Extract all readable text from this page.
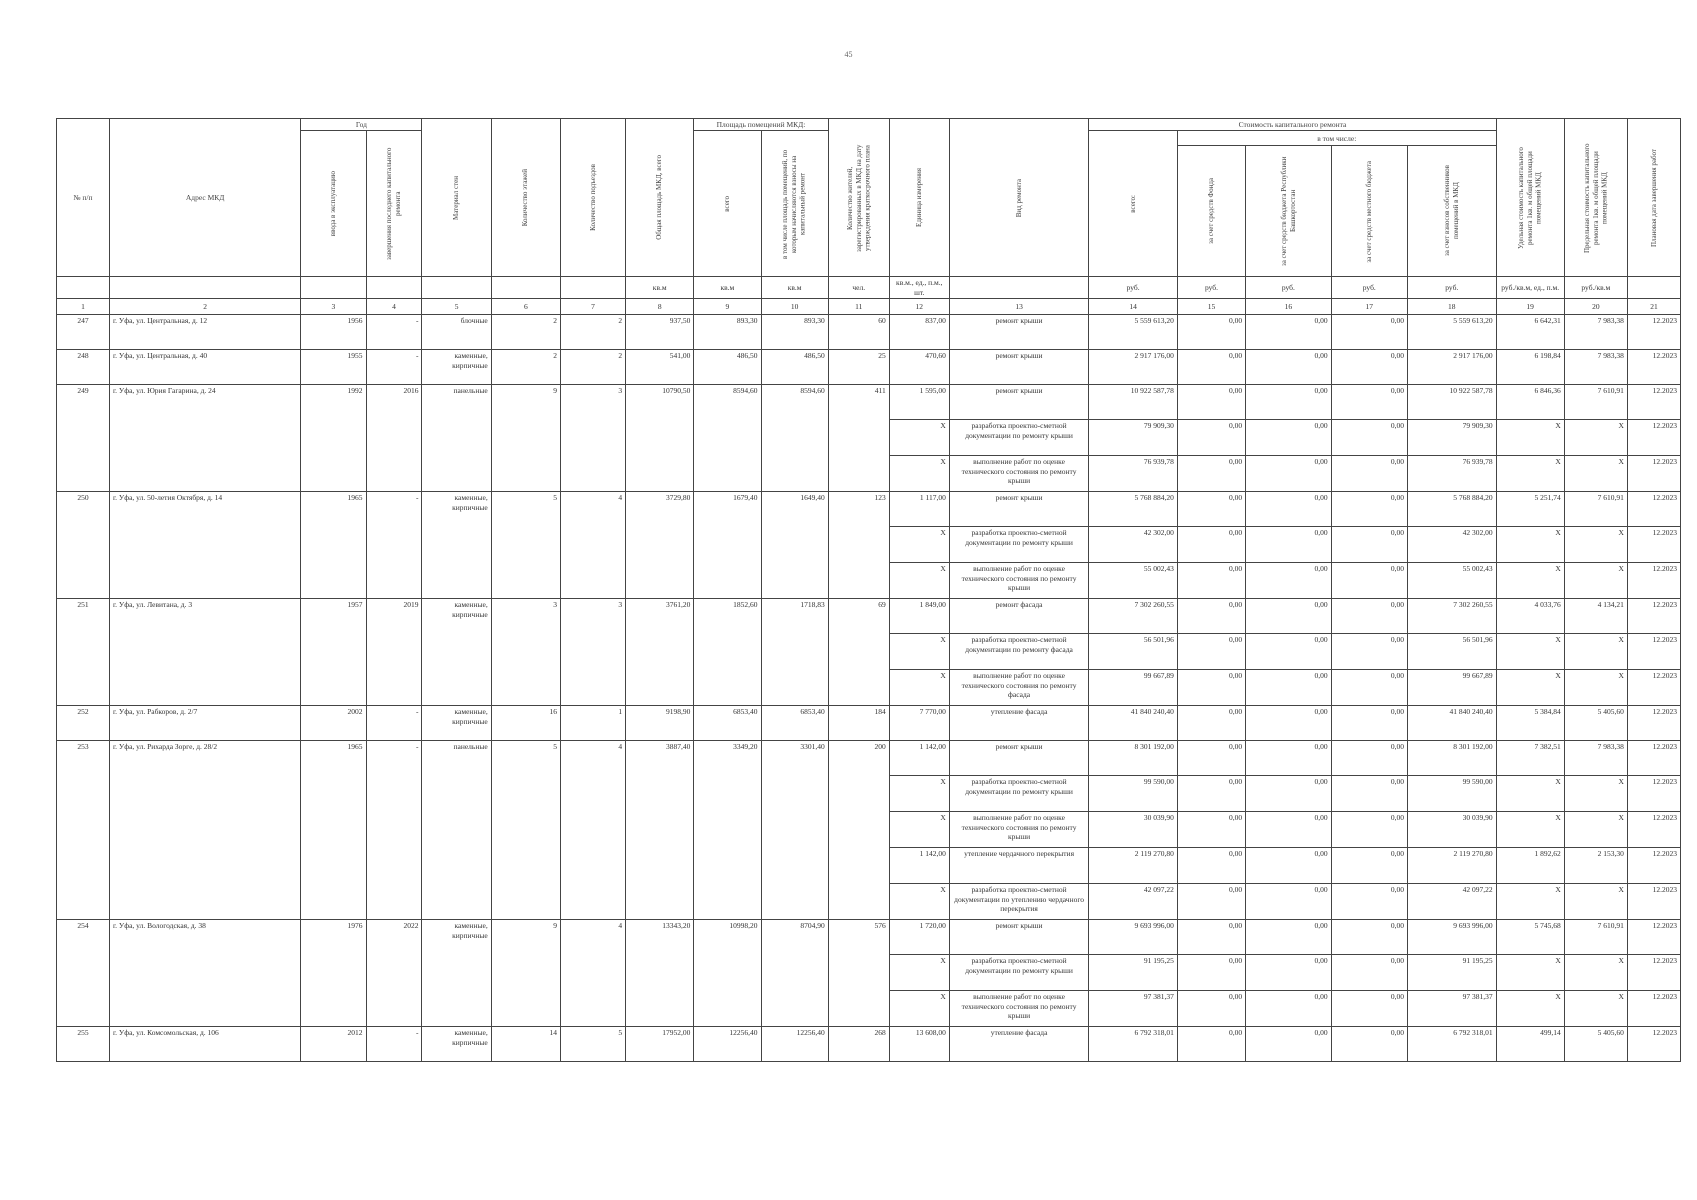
45
№ п/п	Адрес МКД	Год		Материал стен	Количество этажей	Количество подъездов	Общая площадь МКД, всего	Площадь помещений МКД:		Количество жителей, зарегистрированных в МКД на дату утверждения краткосрочного плана	Единица измерения	Вид ремонта	Стоимость капитального ремонта					Удельная стоимость капитального ремонта 1кв. м общей площади помещений МКД	Предельная стоимость капитального ремонта 1кв. м общей площади помещений МКД	Плановая дата завершения работ

		ввода в эксплуатацию	завершения последнего капитального ремонта					всего	в том числе площадь помещений, по которым начисляются взносы на капитальный ремонт				всего:	в том числе:						

														за счет средств Фонда	за счет средств бюджета Республики Башкортостан	за счет средств местного бюджета	за счет взносов собственников помещений в МКД			

							кв.м	кв.м	кв.м	чел.	кв.м., ед., п.м., шт.		руб.	руб.	руб.	руб.	руб.	руб./кв.м, ед., п.м.	руб./кв.м	
1	2	3	4	5	6	7	8	9	10	11	12	13	14	15	16	17	18	19	20	21
247	г. Уфа, ул. Центральная, д. 12	1956	-	блочные	2	2	937,50	893,30	893,30	60	837,00	ремонт крыши	5 559 613,20	0,00	0,00	0,00	5 559 613,20	6 642,31	7 983,38	12.2023
248	г. Уфа, ул. Центральная, д. 40	1955	-	каменные, кирпичные	2	2	541,00	486,50	486,50	25	470,60	ремонт крыши	2 917 176,00	0,00	0,00	0,00	2 917 176,00	6 198,84	7 983,38	12.2023
249	г. Уфа, ул. Юрия Гагарина, д. 24	1992	2016	панельные	9	3	10790,50	8594,60	8594,60	411	1 595,00	ремонт крыши	10 922 587,78	0,00	0,00	0,00	10 922 587,78	6 846,36	7 610,91	12.2023
											X	разработка проектно-сметной документации по ремонту крыши	79 909,30	0,00	0,00	0,00	79 909,30	X	X	12.2023
											X	выполнение работ по оценке технического состояния по ремонту крыши	76 939,78	0,00	0,00	0,00	76 939,78	X	X	12.2023
250	г. Уфа, ул. 50-летия Октября, д. 14	1965	-	каменные, кирпичные	5	4	3729,80	1679,40	1649,40	123	1 117,00	ремонт крыши	5 768 884,20	0,00	0,00	0,00	5 768 884,20	5 251,74	7 610,91	12.2023
											X	разработка проектно-сметной документации по ремонту крыши	42 302,00	0,00	0,00	0,00	42 302,00	X	X	12.2023
											X	выполнение работ по оценке технического состояния по ремонту крыши	55 002,43	0,00	0,00	0,00	55 002,43	X	X	12.2023
251	г. Уфа, ул. Левитана, д. 3	1957	2019	каменные, кирпичные	3	3	3761,20	1852,60	1718,83	69	1 849,00	ремонт фасада	7 302 260,55	0,00	0,00	0,00	7 302 260,55	4 033,76	4 134,21	12.2023
											X	разработка проектно-сметной документации по ремонту фасада	56 501,96	0,00	0,00	0,00	56 501,96	X	X	12.2023
											X	выполнение работ по оценке технического состояния по ремонту фасада	99 667,89	0,00	0,00	0,00	99 667,89	X	X	12.2023
252	г. Уфа, ул. Рабкоров, д. 2/7	2002	-	каменные, кирпичные	16	1	9198,90	6853,40	6853,40	184	7 770,00	утепление фасада	41 840 240,40	0,00	0,00	0,00	41 840 240,40	5 384,84	5 405,60	12.2023
253	г. Уфа, ул. Рихарда Зорге, д. 28/2	1965	-	панельные	5	4	3887,40	3349,20	3301,40	200	1 142,00	ремонт крыши	8 301 192,00	0,00	0,00	0,00	8 301 192,00	7 382,51	7 983,38	12.2023
											X	разработка проектно-сметной документации по ремонту крыши	99 590,00	0,00	0,00	0,00	99 590,00	X	X	12.2023
											X	выполнение работ по оценке технического состояния по ремонту крыши	30 039,90	0,00	0,00	0,00	30 039,90	X	X	12.2023
											1 142,00	утепление чердачного перекрытия	2 119 270,80	0,00	0,00	0,00	2 119 270,80	1 892,62	2 153,30	12.2023
											X	разработка проектно-сметной документации по утеплению чердачного перекрытия	42 097,22	0,00	0,00	0,00	42 097,22	X	X	12.2023
254	г. Уфа, ул. Вологодская, д. 38	1976	2022	каменные, кирпичные	9	4	13343,20	10998,20	8704,90	576	1 720,00	ремонт крыши	9 693 996,00	0,00	0,00	0,00	9 693 996,00	5 745,68	7 610,91	12.2023
											X	разработка проектно-сметной документации по ремонту крыши	91 195,25	0,00	0,00	0,00	91 195,25	X	X	12.2023
											X	выполнение работ по оценке технического состояния по ремонту крыши	97 381,37	0,00	0,00	0,00	97 381,37	X	X	12.2023
255	г. Уфа, ул. Комсомольская, д. 106	2012	-	каменные, кирпичные	14	5	17952,00	12256,40	12256,40	268	13 608,00	утепление фасада	6 792 318,01	0,00	0,00	0,00	6 792 318,01	499,14	5 405,60	12.2023
